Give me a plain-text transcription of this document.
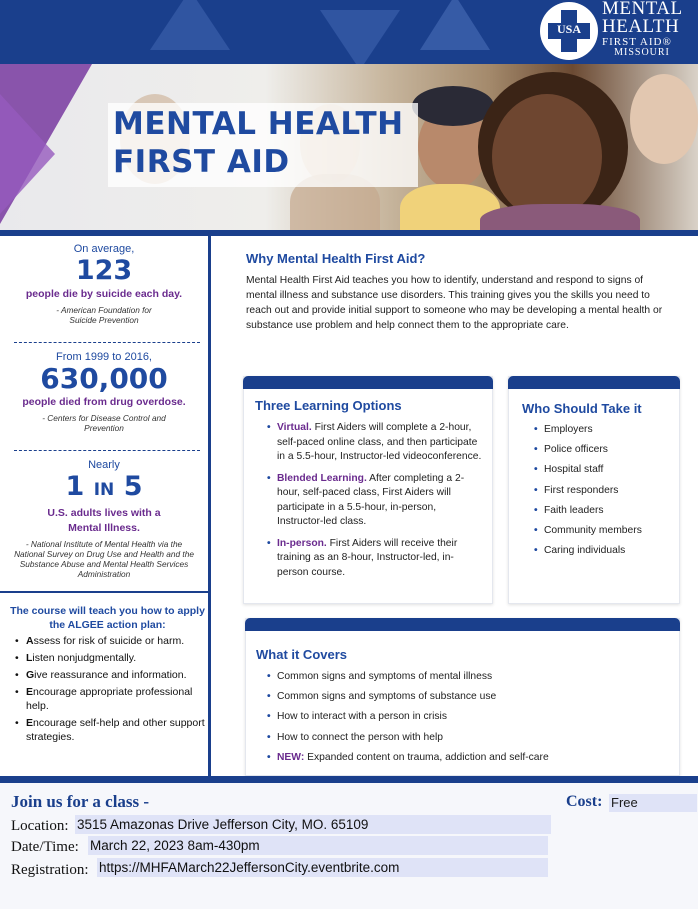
MENTAL HEALTH
FIRST AID
USA
MENTAL
HEALTH
FIRST AID®
MISSOURI
On average,
123
people die by suicide each day.
- American Foundation for Suicide Prevention
From 1999 to 2016,
630,000
people died from drug overdose.
- Centers for Disease Control and Prevention
Nearly
1 IN 5
U.S. adults lives with a Mental Illness.
- National Institute of Mental Health via the National Survey on Drug Use and Health and the Substance Abuse and Mental Health Services Administration
The course will teach you how to apply the ALGEE action plan:
• Assess for risk of suicide or harm.
• Listen nonjudgmentally.
• Give reassurance and information.
• Encourage appropriate professional help.
• Encourage self-help and other support strategies.
Why Mental Health First Aid?
Mental Health First Aid teaches you how to identify, understand and respond to signs of mental illness and substance use disorders. This training gives you the skills you need to reach out and provide initial support to someone who may be developing a mental health or substance use problem and help connect them to the appropriate care.
Three Learning Options
• Virtual. First Aiders will complete a 2-hour, self-paced online class, and then participate in a 5.5-hour, Instructor-led videoconference.
• Blended Learning. After completing a 2-hour, self-paced class, First Aiders will participate in a 5.5-hour, in-person, Instructor-led class.
• In-person. First Aiders will receive their training as an 8-hour, Instructor-led, in-person course.
Who Should Take it
• Employers
• Police officers
• Hospital staff
• First responders
• Faith leaders
• Community members
• Caring individuals
What it Covers
• Common signs and symptoms of mental illness
• Common signs and symptoms of substance use
• How to interact with a person in crisis
• How to connect the person with help
• NEW: Expanded content on trauma, addiction and self-care
Join us for a class -	Cost: Free
Location: 3515 Amazonas Drive Jefferson City, MO. 65109
Date/Time: March 22, 2023 8am-430pm
Registration: https://MHFAMarch22JeffersonCity.eventbrite.com
